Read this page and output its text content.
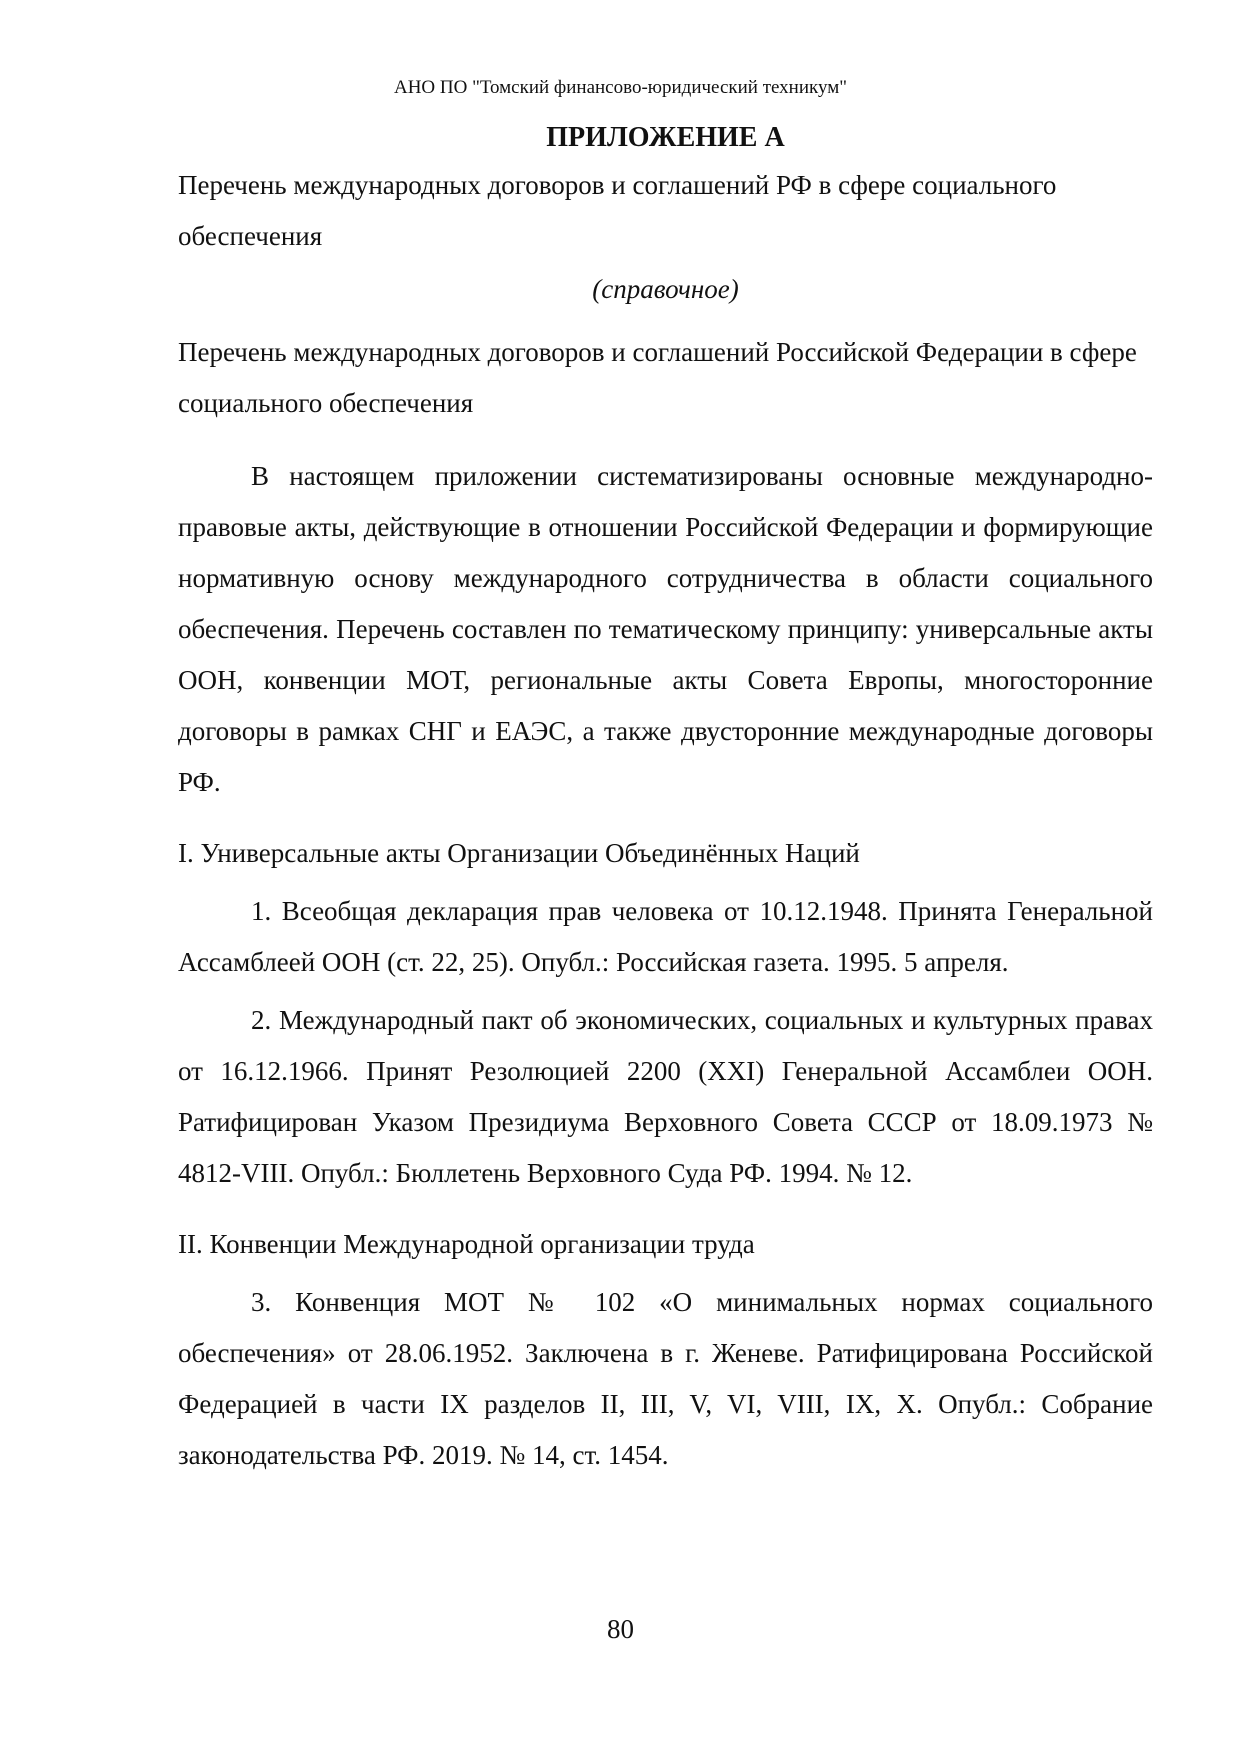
АНО ПО "Томский финансово-юридический техникум"

ПРИЛОЖЕНИЕ А

Перечень международных договоров и соглашений РФ в сфере социального обеспечения

(справочное)

Перечень международных договоров и соглашений Российской Федерации в сфере социального обеспечения

В настоящем приложении систематизированы основные международно-правовые акты, действующие в отношении Российской Федерации и формирующие нормативную основу международного сотрудничества в области социального обеспечения. Перечень составлен по тематическому принципу: универсальные акты ООН, конвенции МОТ, региональные акты Совета Европы, многосторонние договоры в рамках СНГ и ЕАЭС, а также двусторонние международные договоры РФ.

I. Универсальные акты Организации Объединённых Наций

1. Всеобщая декларация прав человека от 10.12.1948. Принята Генеральной Ассамблеей ООН (ст. 22, 25). Опубл.: Российская газета. 1995. 5 апреля.

2. Международный пакт об экономических, социальных и культурных правах от 16.12.1966. Принят Резолюцией 2200 (XXI) Генеральной Ассамблеи ООН. Ратифицирован Указом Президиума Верховного Совета СССР от 18.09.1973 № 4812-VIII. Опубл.: Бюллетень Верховного Суда РФ. 1994. № 12.

II. Конвенции Международной организации труда

3. Конвенция МОТ № 102 «О минимальных нормах социального обеспечения» от 28.06.1952. Заключена в г. Женеве. Ратифицирована Российской Федерацией в части IX разделов II, III, V, VI, VIII, IX, X. Опубл.: Собрание законодательства РФ. 2019. № 14, ст. 1454.

80
